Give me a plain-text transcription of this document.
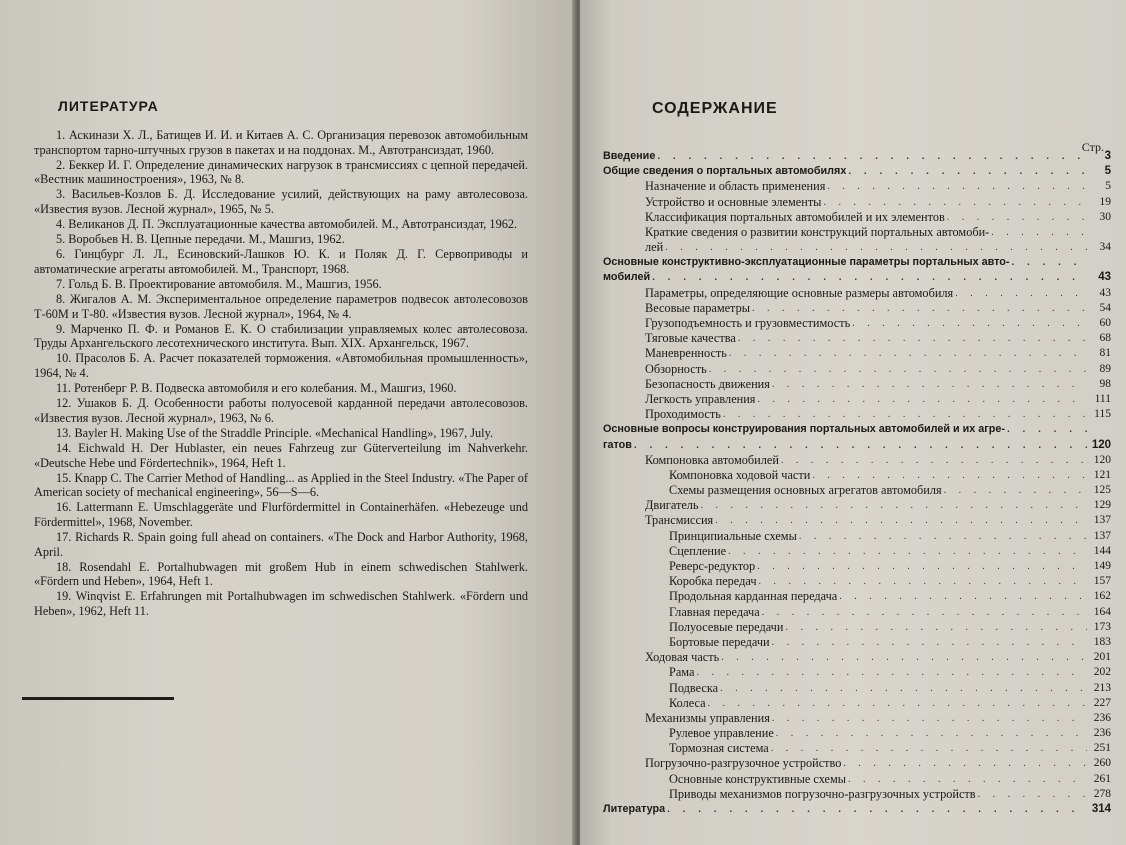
ЛИТЕРАТУРА

1. Аскинази Х. Л., Батищев И. И. и Китаев А. С. Организация перевозок автомобильным транспортом тарно-штучных грузов в пакетах и на поддонах. М., Автотрансиздат, 1960.

2. Беккер И. Г. Определение динамических нагрузок в трансмиссиях с цепной передачей. «Вестник машиностроения», 1963, № 8.

3. Васильев-Козлов Б. Д. Исследование усилий, действующих на раму автолесовоза. «Известия вузов. Лесной журнал», 1965, № 5.

4. Великанов Д. П. Эксплуатационные качества автомобилей. М., Автотрансиздат, 1962.

5. Воробьев Н. В. Цепные передачи. М., Машгиз, 1962.

6. Гинцбург Л. Л., Есиновский-Лашков Ю. К. и Поляк Д. Г. Сервоприводы и автоматические агрегаты автомобилей. М., Транспорт, 1968.

7. Гольд Б. В. Проектирование автомобиля. М., Машгиз, 1956.

8. Жигалов А. М. Экспериментальное определение параметров подвесок автолесовозов Т-60М и Т-80. «Известия вузов. Лесной журнал», 1964, № 4.

9. Марченко П. Ф. и Романов Е. К. О стабилизации управляемых колес автолесовоза. Труды Архангельского лесотехнического института. Вып. XIX. Архангельск, 1967.

10. Прасолов Б. А. Расчет показателей торможения. «Автомобильная промышленность», 1964, № 4.

11. Ротенберг Р. В. Подвеска автомобиля и его колебания. М., Машгиз, 1960.

12. Ушаков Б. Д. Особенности работы полуосевой карданной передачи автолесовозов. «Известия вузов. Лесной журнал», 1963, № 6.

13. Bayler H. Making Use of the Straddle Principle. «Mechanical Handling», 1967, July.

14. Eichwald H. Der Hublaster, ein neues Fahrzeug zur Güterverteilung im Nahverkehr. «Deutsche Hebe und Fördertechnik», 1964, Heft 1.

15. Knapp C. The Carrier Method of Handling... as Applied in the Steel Industry. «The Paper of American society of mechanical engineering», 56—S—6.

16. Lattermann E. Umschlaggeräte und Flurfördermittel in Containerhäfen. «Hebezeuge und Fördermittel», 1968, November.

17. Richards R. Spain going full ahead on containers. «The Dock and Harbor Authority, 1968, April.

18. Rosendahl E. Portalhubwagen mit großem Hub in einem schwedischen Stahlwerk. «Fördern und Heben», 1964, Heft 1.

19. Winqvist E. Erfahrungen mit Portalhubwagen im schwedischen Stahlwerk. «Fördern und Heben», 1962, Heft 11.

СОДЕРЖАНИЕ
Стр.
Введение . . .	3
Общие сведения о портальных автомобилях . . .	5
Назначение и область применения . . .	5
Устройство и основные элементы . . .	19
Классификация портальных автомобилей и их элементов . . .	30
Краткие сведения о развитии конструкций портальных автомоби-
. . .
лей . . .	34
Основные конструктивно-эксплуатационные параметры портальных авто-
. . .
мобилей . . .	43
Параметры, определяющие основные размеры автомобиля . . .	43
Весовые параметры . . .	54
Грузоподъемность и грузовместимость . . .	60
Тяговые качества . . .	68
Маневренность . . .	81
Обзорность . . .	89
Безопасность движения . . .	98
Легкость управления . . .	111
Проходимость . . .	115
Основные вопросы конструирования портальных автомобилей и их агре-
. . .
гатов . . .	120
Компоновка автомобилей . . .	120
Компоновка ходовой части . . .	121
Схемы размещения основных агрегатов автомобиля . . .	125
Двигатель . . .	129
Трансмиссия . . .	137
Принципиальные схемы . . .	137
Сцепление . . .	144
Реверс-редуктор . . .	149
Коробка передач . . .	157
Продольная карданная передача . . .	162
Главная передача . . .	164
Полуосевые передачи . . .	173
Бортовые передачи . . .	183
Ходовая часть . . .	201
Рама . . .	202
Подвеска . . .	213
Колеса . . .	227
Механизмы управления . . .	236
Рулевое управление . . .	236
Тормозная система . . .	251
Погрузочно-разгрузочное устройство . . .	260
Основные конструктивные схемы . . .	261
Приводы механизмов погрузочно-разгрузочных устройств . . .	278
Литература . . .	314
